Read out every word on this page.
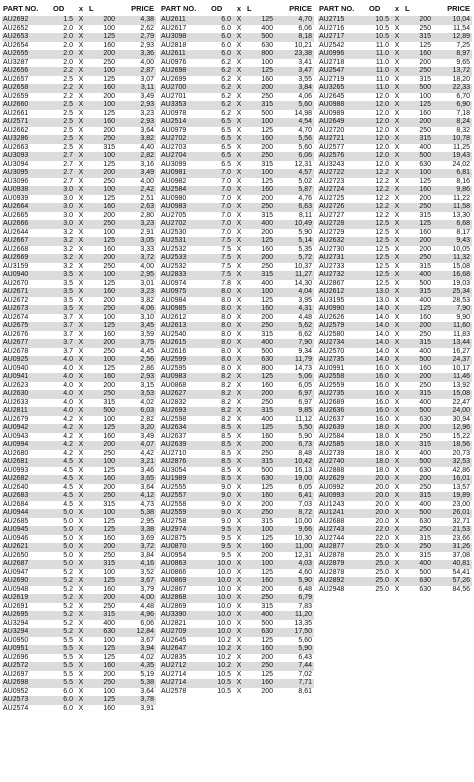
PART NO.	OD	x	L	PRICE
AU2692	1.5	X	200	4,38
AU2652	2.0	X	100	2,62
AU2653	2.0	X	125	2,79
AU2654	2.0	X	160	2,93
AU2655	2.0	X	200	3,36
AU3287	2.0	X	250	4,00
AU2656	2.2	X	100	2,87
AU2657	2.5	X	125	3,07
AU2658	2.2	X	160	3,11
AU2659	2.2	X	200	3,49
AU2660	2.5	X	100	2,93
AU2661	2.5	X	125	3,23
AU2571	2.5	X	160	2,93
AU2662	2.5	X	200	3,64
AU3286	2.5	X	250	3,82
AU2663	2.5	X	315	4,40
AU3093	2.7	X	100	2,82
AU3094	2.7	X	125	3,16
AU3095	2.7	X	200	3,49
AU3096	2.7	X	250	4,00
AU0938	3.0	X	100	2,42
AU0939	3.0	X	125	2,51
AU2664	3.0	X	160	2,63
AU2665	3.0	X	200	2,80
AU2666	3.0	X	250	3,23
AU2644	3.2	X	100	2,91
AU2667	3.2	X	125	3,05
AU2668	3.2	X	160	3,33
AU2669	3.2	X	200	3,72
AU3159	3.2	X	250	4,00
AU0940	3.5	X	100	2,95
AU2670	3.5	X	125	3,01
AU2671	3.5	X	160	3,23
AU2672	3.5	X	200	3,82
AU2673	3.5	X	250	4,06
AU2674	3.7	X	100	3,10
AU2675	3.7	X	125	3,45
AU2676	3.7	X	160	3,59
AU2677	3.7	X	200	3,75
AU2678	3.7	X	250	4,45
AU0925	4.0	X	100	2,56
AU0940	4.0	X	125	2,86
AU0941	4.0	X	160	2,93
AU2623	4.0	X	200	3,15
AU2630	4.0	X	250	3,53
AU2633	4.0	X	315	4,02
AU2811	4.0	X	500	6,03
AU2679	4.2	X	100	2,82
AU0942	4.2	X	125	3,20
AU0943	4.2	X	160	3,49
AU0994	4.2	X	200	4,07
AU2680	4.2	X	250	4,42
AU2681	4.5	X	100	3,21
AU0993	4.5	X	125	3,46
AU2682	4.5	X	160	3,65
AU2640	4.5	X	200	3,64
AU2683	4.5	X	250	4,12
AU2684	4.5	X	315	4,73
AU0944	5.0	X	100	5,38
AU2685	5.0	X	125	2,95
AU0945	5.0	X	125	3,38
AU0946	5.0	X	160	3,69
AU2621	5.0	X	200	3,72
AU2650	5.0	X	250	3,84
AU2687	5.0	X	315	4,16
AU0947	5.2	X	100	3,52
AU2690	5.2	X	125	3,67
AU0948	5.2	X	160	3,79
AU2619	5.2	X	200	4,00
AU2691	5.2	X	250	4,48
AU2695	5.2	X	315	4,96
AU3294	5.2	X	400	6,06
AU3294	5.2	X	630	12,84
AU0950	5.5	X	100	3,67
AU0951	5.5	X	125	3,94
AU2696	5.5	X	125	4,02
AU2572	5.5	X	160	4,35
AU2697	5.5	X	200	5,19
AU2698	5.5	X	250	5,38
AU0952	6.0	X	100	3,64
AU2573	6.0	X	125	3,78
AU2574	6.0	X	160	3,91
PART NO.	OD	x	L	PRICE
AU2611	6.0	X	125	4,70
AU2617	6.0	X	400	6,06
AU3098	6.0	X	500	8,18
AU2818	6.0	X	630	10,21
AU2611	6.0	X	800	23,38
AU0976	6.2	X	100	3,41
AU2698	6.2	X	125	3,47
AU2699	6.2	X	160	3,55
AU2700	6.2	X	200	3,84
AU2701	6.2	X	250	4,06
AU3353	6.2	X	315	5,60
AU0978	6.2	X	500	14,98
AU2514	6.5	X	100	4,54
AU0979	6.5	X	125	4,70
AU2702	6.5	X	160	5,56
AU2703	6.5	X	200	5,60
AU2704	6.5	X	250	6,06
AU3099	6.5	X	315	12,31
AU0981	7.0	X	100	4,57
AU0982	7.0	X	125	5,02
AU2584	7.0	X	160	5,87
AU0980	7.0	X	200	4,76
AU0983	7.0	X	250	6,63
AU2705	7.0	X	315	8,11
AU2702	7.0	X	400	10,49
AU2530	7.0	X	200	5,90
AU2531	7.5	X	125	5,14
AU2532	7.5	X	160	5,35
AU2533	7.5	X	200	5,72
AU2532	7.5	X	250	10,37
AU2833	7.5	X	315	11,27
AU0974	7.8	X	400	14,30
AU0975	8.0	X	100	4,04
AU0984	8.0	X	125	3,95
AU0985	8.0	X	160	4,31
AU2612	8.0	X	200	4,48
AU2613	8.0	X	250	5,62
AU2540	8.0	X	315	6,62
AU2615	8.0	X	400	7,90
AU2616	8.0	X	500	9,34
AU2599	8.0	X	630	11,79
AU2595	8.0	X	800	14,73
AU0983	8.2	X	125	5,06
AU0868	8.2	X	160	6,05
AU2627	8.2	X	200	6,97
AU2832	8.2	X	250	6,97
AU2693	8.2	X	315	9,85
AU2598	8.2	X	400	11,12
AU2634	8.5	X	125	5,50
AU2637	8.5	X	160	5,90
AU2639	8.5	X	200	6,73
AU2710	8.5	X	250	8,48
AU2876	8.5	X	315	10,42
AU3054	8.5	X	500	16,13
AU1989	8.5	X	630	19,00
AU2555	9.0	X	125	6,05
AU2557	9.0	X	160	6,41
AU2558	9.0	X	200	7,03
AU2559	9.0	X	250	8,72
AU2758	9.0	X	315	10,00
AU2974	9.5	X	100	9,66
AU2875	9.5	X	125	10,30
AU0870	9.5	X	160	11,00
AU0954	9.5	X	200	12,31
AU0863	10.0	X	100	4,03
AU0866	10.0	X	125	4,60
AU0869	10.0	X	160	5,90
AU2867	10.0	X	200	6,48
AU2868	10.0	X	250	6,79
AU2869	10.0	X	315	7,83
AU3390	10.0	X	400	11,20
AU2821	10.0	X	500	13,35
AU2709	10.0	X	630	17,50
AU2645	10.2	X	125	5,60
AU2647	10.2	X	160	5,90
AU2835	10.2	X	200	6,43
AU2712	10.2	X	250	7,44
AU2714	10.5	X	125	7,02
AU2714	10.5	X	160	7,71
AU2578	10.5	X	200	8,61
PART NO.	OD	x	L	PRICE
AU2715	10.5	X	200	10,04
AU2716	10.5	X	250	11,54
AU2717	10.5	X	315	12,89
AU2542	11.0	X	125	7,25
AU0996	11.0	X	160	8,97
AU2718	11.0	X	200	9,65
AU2547	11.0	X	250	13,72
AU2719	11.0	X	315	18,20
AU3265	11.0	X	500	22,33
AU2645	12.0	X	100	6,70
AU0988	12.0	X	125	6,90
AU0989	12.0	X	160	7,18
AU2649	12.0	X	200	8,24
AU2720	12.0	X	250	8,32
AU2721	12.0	X	315	10,78
AU2577	12.0	X	400	11,25
AU2576	12.0	X	500	19,43
AU3243	12.0	X	630	24,02
AU2722	12.2	X	100	6,81
AU2723	12.2	X	125	8,16
AU2724	12.2	X	160	9,86
AU2725	12.2	X	200	11,22
AU2726	12.2	X	250	11,58
AU2727	12.2	X	315	13,30
AU2728	12.5	X	125	6,68
AU2729	12.5	X	160	8,17
AU2632	12.5	X	200	9,43
AU2730	12.5	X	200	10,05
AU2731	12.5	X	250	11,32
AU2733	12.5	X	315	15,08
AU2732	12.5	X	400	16,68
AU2867	12.5	X	500	19,03
AU2612	13.0	X	315	25,34
AU3195	13.0	X	400	28,53
AU0990	14.0	X	125	7,90
AU2626	14.0	X	160	9,90
AU2579	14.0	X	200	11,60
AU2580	14.0	X	250	11,83
AU2734	14.0	X	315	13,44
AU2570	14.0	X	400	16,27
AU2735	14.0	X	500	24,37
AU0991	16.0	X	160	10,17
AU2558	16.0	X	200	11,46
AU2559	16.0	X	250	13,92
AU2735	16.0	X	315	15,08
AU2689	16.0	X	400	22,47
AU2636	16.0	X	500	24,00
AU2637	16.0	X	630	30,94
AU2639	18.0	X	200	12,96
AU2584	18.0	X	250	15,22
AU2585	18.0	X	315	18,56
AU2739	18.0	X	400	20,73
AU2740	18.0	X	500	32,53
AU2888	18.0	X	630	42,86
AU2629	20.0	X	200	16,01
AU0992	20.0	X	250	13,57
AU0993	20.0	X	315	19,89
AU1243	20.0	X	400	23,00
AU1241	20.0	X	500	26,01
AU2688	20.0	X	630	32,71
AU2743	22.0	X	250	21,53
AU2744	22.0	X	315	23,66
AU2877	25.0	X	250	31,26
AU2878	25.0	X	315	37,08
AU2879	25.0	X	400	40,81
AU2878	25.0	X	500	54,41
AU2892	25.0	X	630	57,26
AU2948	25.0	X	630	84,56
